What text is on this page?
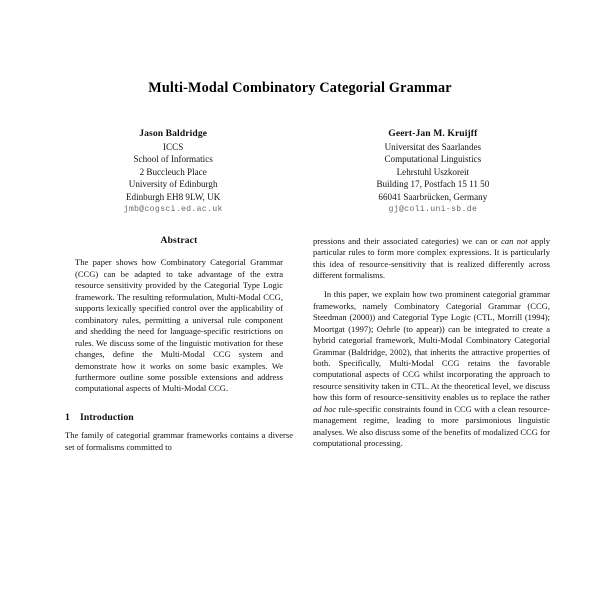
Multi-Modal Combinatory Categorial Grammar
Jason Baldridge
ICCS
School of Informatics
2 Buccleuch Place
University of Edinburgh
Edinburgh EH8 9LW, UK
jmb@cogsci.ed.ac.uk
Geert-Jan M. Kruijff
Universitat des Saarlandes
Computational Linguistics
Lehrstuhl Uszkoreit
Building 17, Postfach 15 11 50
66041 Saarbrücken, Germany
gj@coli.uni-sb.de
Abstract

The paper shows how Combinatory Categorial Grammar (CCG) can be adapted to take advantage of the extra resource sensitivity provided by the Categorial Type Logic framework. The resulting reformulation, Multi-Modal CCG, supports lexically specified control over the applicability of combinatory rules, permitting a universal rule component and shedding the need for language-specific restrictions on rules. We discuss some of the linguistic motivation for these changes, define the Multi-Modal CCG system and demonstrate how it works on some basic examples. We furthermore outline some possible extensions and address computational aspects of Multi-Modal CCG.

1 Introduction

The family of categorial grammar frameworks contains a diverse set of formalisms committed to

pressions and their associated categories) we can or can not apply particular rules to form more complex expressions. It is particularly this idea of resource-sensitivity that is realized differently across different formalisms.

In this paper, we explain how two prominent categorial grammar frameworks, namely Combinatory Categorial Grammar (CCG, Steedman (2000)) and Categorial Type Logic (CTL, Morrill (1994); Moortgat (1997); Oehrle (to appear)) can be integrated to create a hybrid categorial framework, Multi-Modal Combinatory Categorial Grammar (Baldridge, 2002), that inherits the attractive properties of both. Specifically, Multi-Modal CCG retains the favorable computational aspects of CCG whilst incorporating the approach to resource sensitivity taken in CTL. At the theoretical level, we discuss how this form of resource-sensitivity enables us to replace the rather ad hoc rule-specific constraints found in CCG with a clean resource-management regime, leading to more parsimonious linguistic analyses. We also discuss some of the benefits of modalized CCG for computational processing.
